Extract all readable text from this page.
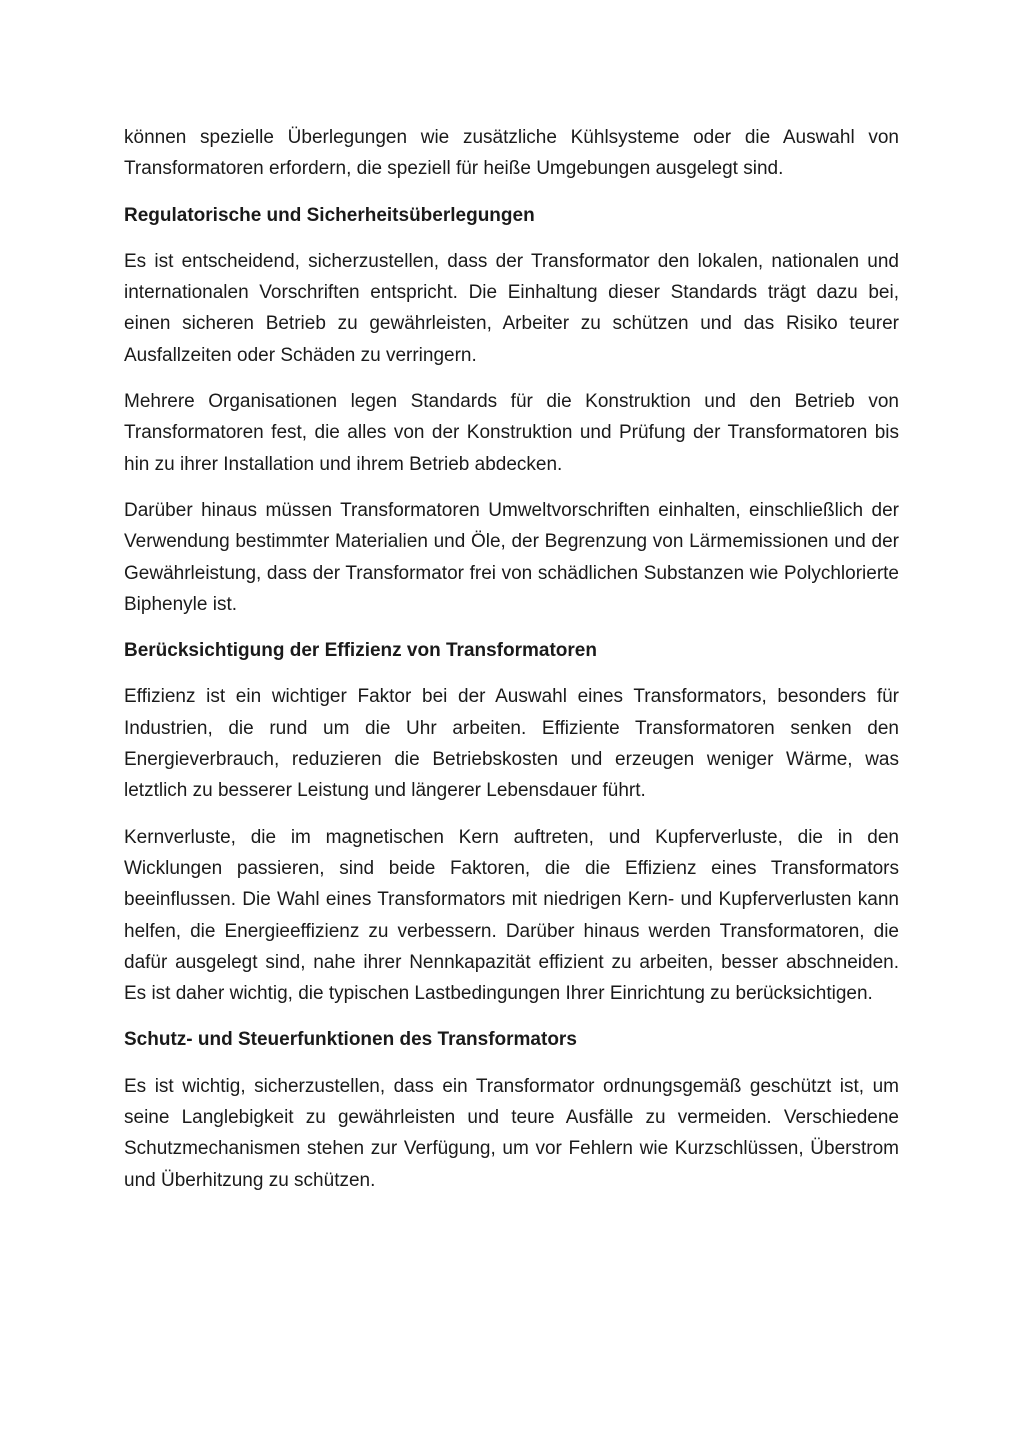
können spezielle Überlegungen wie zusätzliche Kühlsysteme oder die Auswahl von Transformatoren erfordern, die speziell für heiße Umgebungen ausgelegt sind.

Regulatorische und Sicherheitsüberlegungen

Es ist entscheidend, sicherzustellen, dass der Transformator den lokalen, nationalen und internationalen Vorschriften entspricht. Die Einhaltung dieser Standards trägt dazu bei, einen sicheren Betrieb zu gewährleisten, Arbeiter zu schützen und das Risiko teurer Ausfallzeiten oder Schäden zu verringern.

Mehrere Organisationen legen Standards für die Konstruktion und den Betrieb von Transformatoren fest, die alles von der Konstruktion und Prüfung der Transformatoren bis hin zu ihrer Installation und ihrem Betrieb abdecken.

Darüber hinaus müssen Transformatoren Umweltvorschriften einhalten, einschließlich der Verwendung bestimmter Materialien und Öle, der Begrenzung von Lärmemissionen und der Gewährleistung, dass der Transformator frei von schädlichen Substanzen wie Polychlorierte Biphenyle ist.

Berücksichtigung der Effizienz von Transformatoren

Effizienz ist ein wichtiger Faktor bei der Auswahl eines Transformators, besonders für Industrien, die rund um die Uhr arbeiten. Effiziente Transformatoren senken den Energieverbrauch, reduzieren die Betriebskosten und erzeugen weniger Wärme, was letztlich zu besserer Leistung und längerer Lebensdauer führt.

Kernverluste, die im magnetischen Kern auftreten, und Kupferverluste, die in den Wicklungen passieren, sind beide Faktoren, die die Effizienz eines Transformators beeinflussen. Die Wahl eines Transformators mit niedrigen Kern- und Kupferverlusten kann helfen, die Energieeffizienz zu verbessern. Darüber hinaus werden Transformatoren, die dafür ausgelegt sind, nahe ihrer Nennkapazität effizient zu arbeiten, besser abschneiden. Es ist daher wichtig, die typischen Lastbedingungen Ihrer Einrichtung zu berücksichtigen.

Schutz- und Steuerfunktionen des Transformators

Es ist wichtig, sicherzustellen, dass ein Transformator ordnungsgemäß geschützt ist, um seine Langlebigkeit zu gewährleisten und teure Ausfälle zu vermeiden. Verschiedene Schutzmechanismen stehen zur Verfügung, um vor Fehlern wie Kurzschlüssen, Überstrom und Überhitzung zu schützen.
